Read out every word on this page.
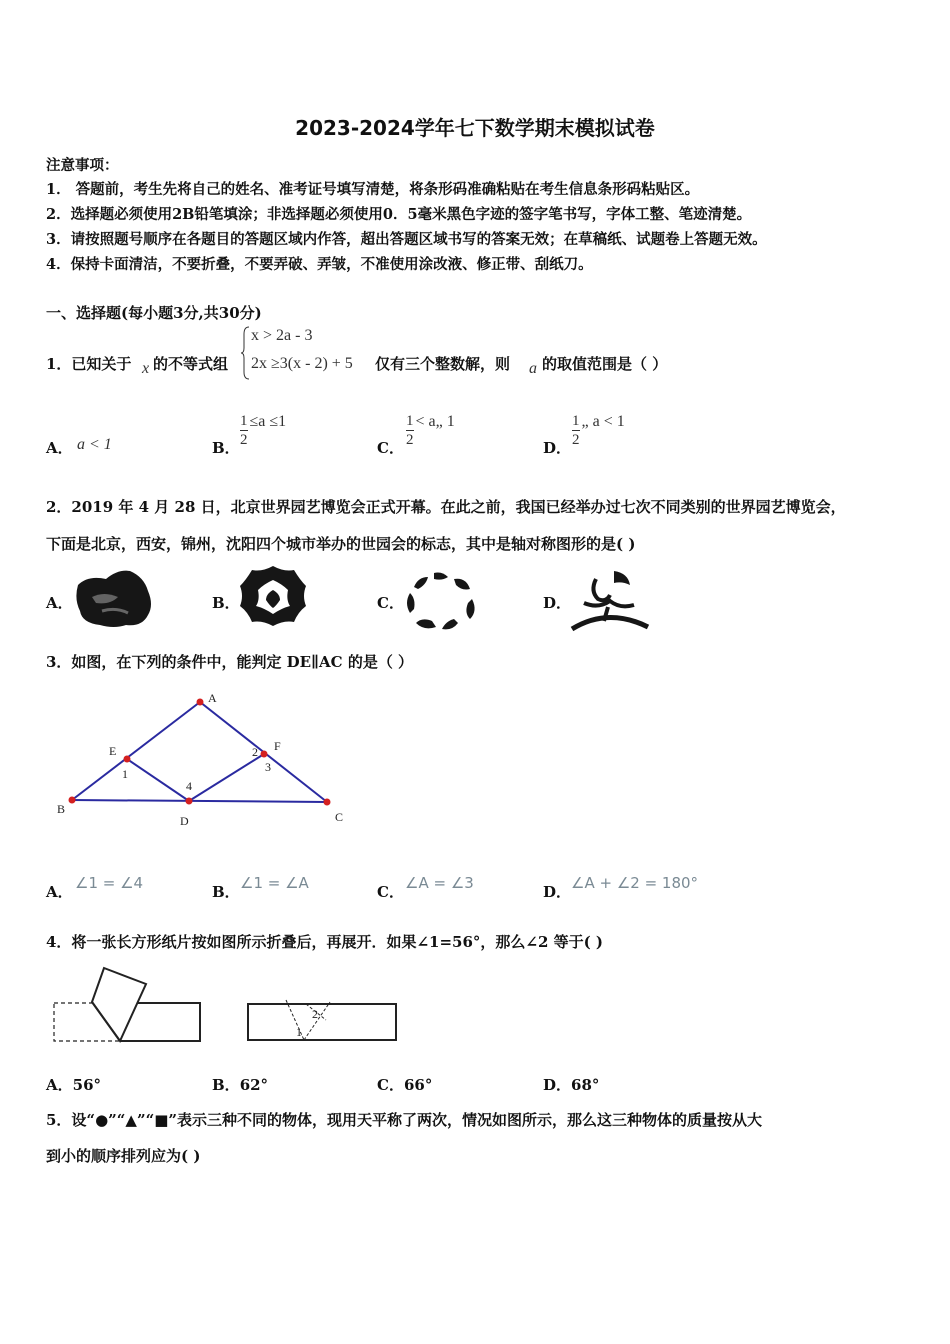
2023-2024学年七下数学期末模拟试卷
注意事项：
1． 答题前，考生先将自己的姓名、准考证号填写清楚，将条形码准确粘贴在考生信息条形码粘贴区。
2．选择题必须使用2B铅笔填涂；非选择题必须使用0．5毫米黑色字迹的签字笔书写，字体工整、笔迹清楚。
3．请按照题号顺序在各题目的答题区域内作答，超出答题区域书写的答案无效；在草稿纸、试题卷上答题无效。
4．保持卡面清洁，不要折叠，不要弄破、弄皱，不准使用涂改液、修正带、刮纸刀。
一、选择题(每小题3分,共30分)
1．已知关于 x 的不等式组
x > 2a - 3
2x ≥3(x - 2) + 5 仅有三个整数解，则 a 的取值范围是（ ）
A． a < 1	B． $\frac{1}{2} \le a \le 1$
C． $\frac{1}{2}$ < a„ 1
D． $\frac{1}{2}$ „ a < 1
2．2019 年 4 月 28 日，北京世界园艺博览会正式开幕。在此之前，我国已经举办过七次不同类别的世界园艺博览会，
下面是北京，西安，锦州，沈阳四个城市举办的世园会的标志，其中是轴对称图形的是( )
A．	B．	C．	D．
3．如图，在下列的条件中，能判定 DE∥AC 的是（ ）
A
B
C
D
E	F
1
2
3
4
A． ∠1 = ∠4	B． ∠1 = ∠A	C． ∠A = ∠3	D． ∠A + ∠2 = 180°
4．将一张长方形纸片按如图所示折叠后，再展开．如果∠1=56°，那么∠2 等于( )
2
1
A．56°	B．62°	C．66°	D．68°
5．设“●”“▲”“■”表示三种不同的物体，现用天平称了两次，情况如图所示，那么这三种物体的质量按从大
到小的顺序排列应为( )
